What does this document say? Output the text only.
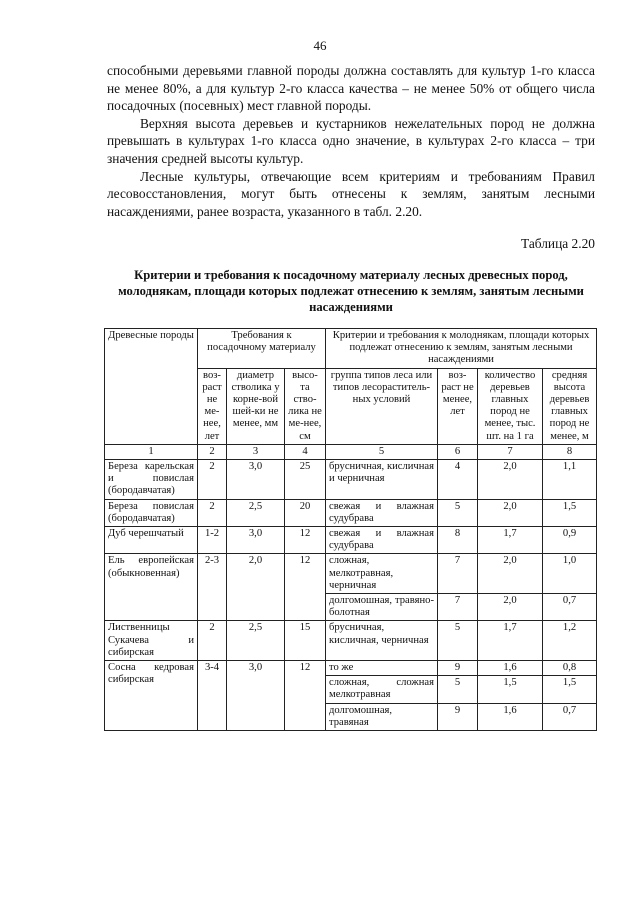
46

способными деревьями главной породы должна составлять для культур 1-го класса не менее 80%, а для культур 2-го класса качества – не менее 50% от общего числа посадочных (посевных) мест главной породы.

Верхняя высота деревьев и кустарников нежелательных пород не должна превышать в культурах 1-го класса одно значение, в культурах 2-го класса – три значения средней высоты культур.

Лесные культуры, отвечающие всем критериям и требованиям Правил лесовосстановления, могут быть отнесены к землям, занятым лесными насаждениями, ранее возраста, указанного в табл. 2.20.

Таблица 2.20
Критерии и требования к посадочному материалу лесных древесных пород, молоднякам, площади которых подлежат отнесению к землям, занятым лесными насаждениями
Древесные породы	Требования к посадочному материалу			Критерии и требования к молоднякам, площади которых подлежат отнесению к землям, занятым лесными насаждениями			
	воз-раст не ме-нее, лет	диаметр стволика у корне-вой шей-ки не менее, мм	высо-та ство-лика не ме-нее, см	группа типов леса или типов лесораститель-ных условий	воз-раст не менее, лет	количество деревьев главных пород не менее, тыс. шт. на 1 га	средняя высота деревьев главных пород не менее, м
1	2	3	4	5	6	7	8
Береза карельская и повислая (бородавчатая)	2	3,0	25	брусничная, кисличная и черничная	4	2,0	1,1
Береза повислая (бородавчатая)	2	2,5	20	свежая и влажная судубрава	5	2,0	1,5
Дуб черешчатый	1-2	3,0	12	свежая и влажная судубрава	8	1,7	0,9
Ель европейская (обыкновенная)	2-3	2,0	12	сложная, мелкотравная, черничная	7	2,0	1,0
				долгомошная, травяно-болотная	7	2,0	0,7
Лиственницы Сукачева и сибирская	2	2,5	15	брусничная, кисличная, черничная	5	1,7	1,2
Сосна кедровая сибирская	3-4	3,0	12	то же	9	1,6	0,8
				сложная, сложная мелкотравная	5	1,5	1,5
				долгомошная, травяная	9	1,6	0,7
